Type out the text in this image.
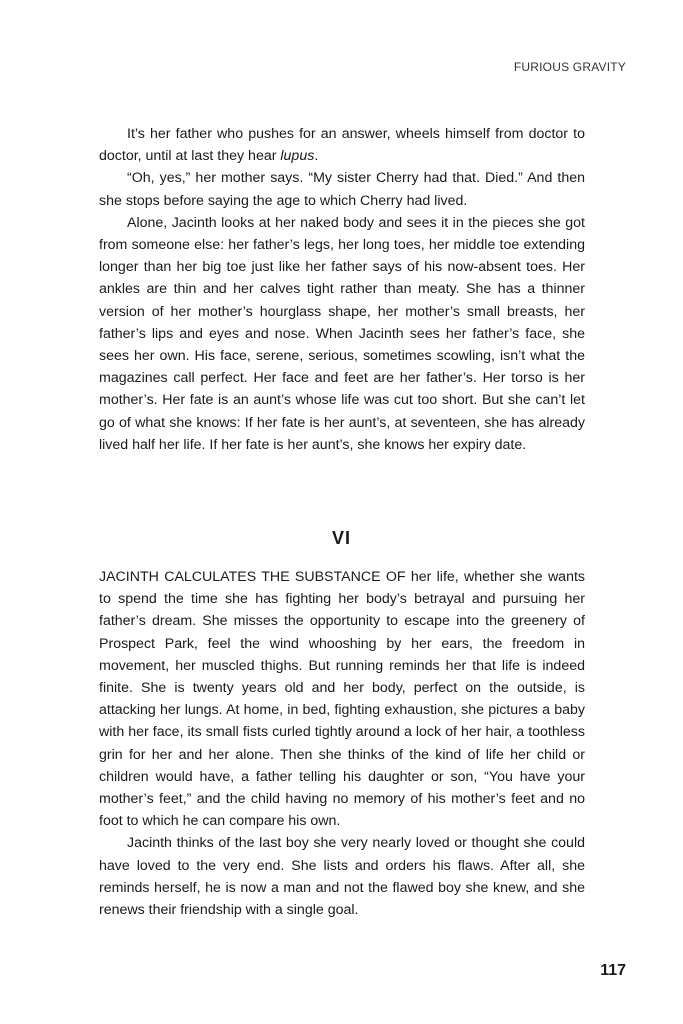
FURIOUS GRAVITY

It’s her father who pushes for an answer, wheels himself from doctor to doctor, until at last they hear lupus.

“Oh, yes,” her mother says. “My sister Cherry had that. Died.” And then she stops before saying the age to which Cherry had lived.

Alone, Jacinth looks at her naked body and sees it in the pieces she got from someone else: her father’s legs, her long toes, her middle toe extending longer than her big toe just like her father says of his now-absent toes. Her ankles are thin and her calves tight rather than meaty. She has a thinner version of her mother’s hourglass shape, her mother’s small breasts, her father’s lips and eyes and nose. When Jacinth sees her father’s face, she sees her own. His face, serene, serious, sometimes scowling, isn’t what the magazines call perfect. Her face and feet are her father’s. Her torso is her mother’s. Her fate is an aunt’s whose life was cut too short. But she can’t let go of what she knows: If her fate is her aunt’s, at seventeen, she has already lived half her life. If her fate is her aunt’s, she knows her expiry date.

VI

JACINTH CALCULATES THE SUBSTANCE OF her life, whether she wants to spend the time she has fighting her body’s betrayal and pursuing her father’s dream. She misses the opportunity to escape into the greenery of Prospect Park, feel the wind whooshing by her ears, the freedom in movement, her muscled thighs. But running reminds her that life is indeed finite. She is twenty years old and her body, perfect on the outside, is attacking her lungs. At home, in bed, fighting exhaustion, she pictures a baby with her face, its small fists curled tightly around a lock of her hair, a toothless grin for her and her alone. Then she thinks of the kind of life her child or children would have, a father telling his daughter or son, “You have your mother’s feet,” and the child having no memory of his mother’s feet and no foot to which he can compare his own.

Jacinth thinks of the last boy she very nearly loved or thought she could have loved to the very end. She lists and orders his flaws. After all, she reminds herself, he is now a man and not the flawed boy she knew, and she renews their friendship with a single goal.

117
